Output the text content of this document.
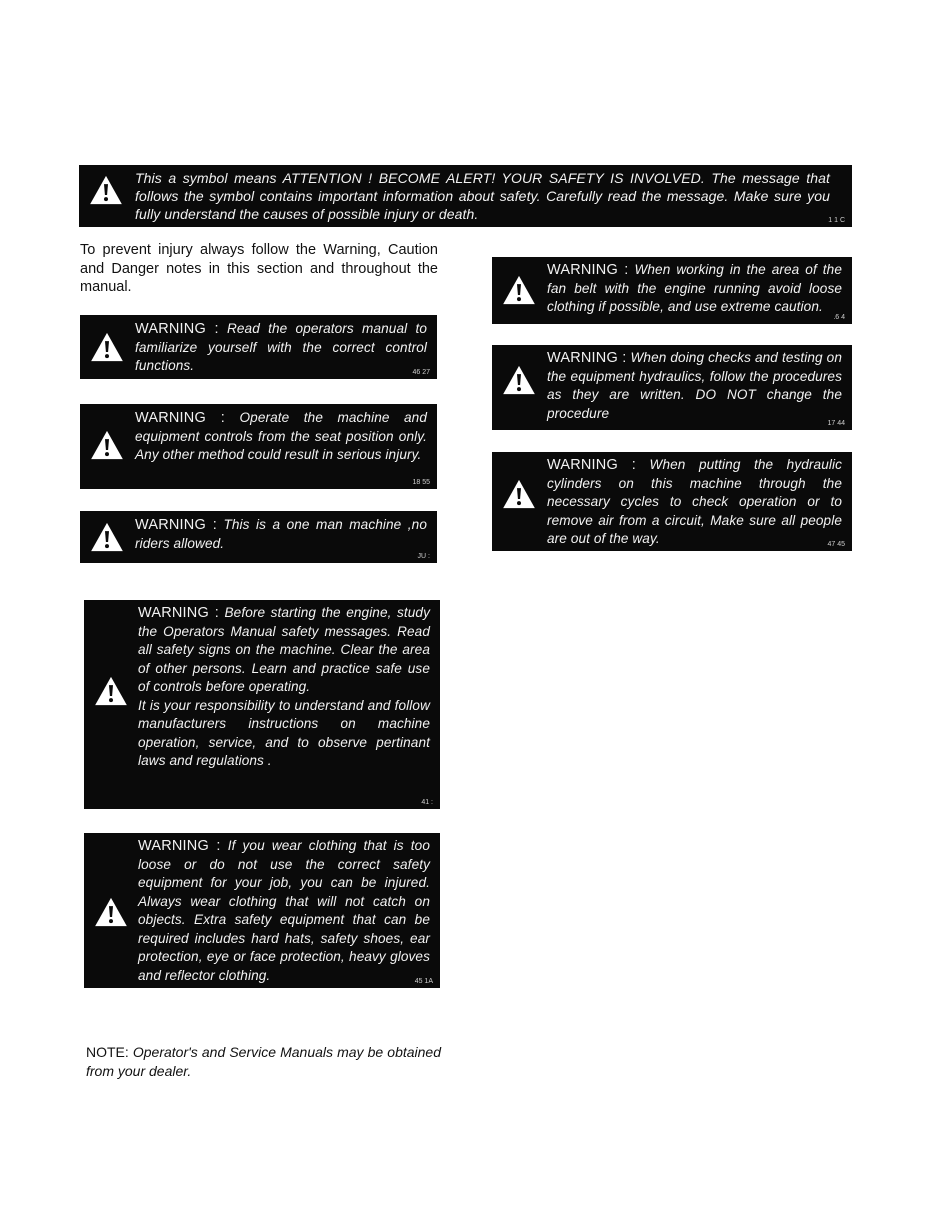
This a symbol means ATTENTION ! BECOME ALERT! YOUR SAFETY IS INVOLVED. The message that follows the symbol contains important information about safety. Carefully read the message. Make sure you fully understand the causes of possible injury or death.	1 1 C
To prevent injury always follow the Warning, Caution and Danger notes in this section and throughout the manual.
WARNING : Read the operators manual to familiarize yourself with the correct control functions.	46 27
WARNING : Operate the machine and equipment controls from the seat position only. Any other method could result in serious injury.
18 55
WARNING : This is a one man machine ,no riders allowed.
JU :
WARNING : Before starting the engine, study the Operators Manual safety messages. Read all safety signs on the machine. Clear the area of other persons. Learn and practice safe use of controls before operating.
It is your responsibility to understand and follow manufacturers instructions on machine operation, service, and to observe pertinant laws and regulations .
41 :
WARNING : If you wear clothing that is too loose or do not use the correct safety equipment for your job, you can be injured. Always wear clothing that will not catch on objects. Extra safety equipment that can be required includes hard hats, safety shoes, ear protection, eye or face protection, heavy gloves and reflector clothing.	45 1A
WARNING : When working in the area of the fan belt with the engine running avoid loose clothing if possible, and use extreme caution.
.6 4
WARNING : When doing checks and testing on the equipment hydraulics, follow the procedures as they are written. DO NOT change the procedure
17 44
WARNING : When putting the hydraulic cylinders on this machine through the necessary cycles to check operation or to remove air from a circuit, Make sure all people are out of the way.	47 45
NOTE: Operator's and Service Manuals may be obtained from your dealer.
